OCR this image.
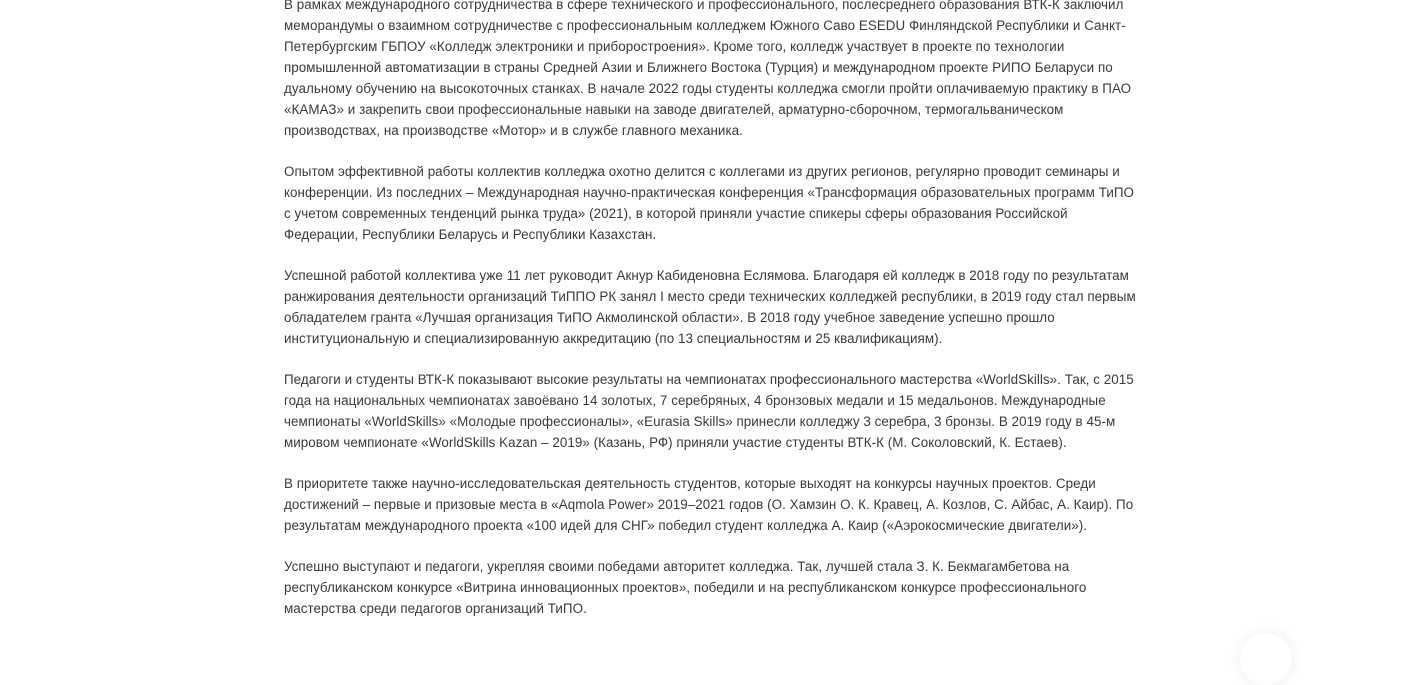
В рамках международного сотрудничества в сфере технического и профессионального, послесреднего образования ВТК-К заключил меморандумы о взаимном сотрудничестве с профессиональным колледжем Южного Саво ESEDU Финляндской Республики и Санкт-Петербургским ГБПОУ «Колледж электроники и приборостроения». Кроме того, колледж участвует в проекте по технологии промышленной автоматизации в страны Средней Азии и Ближнего Востока (Турция) и международном проекте РИПО Беларуси по дуальному обучению на высокоточных станках. В начале 2022 годы студенты колледжа смогли пройти оплачиваемую практику в ПАО «КАМАЗ» и закрепить свои профессиональные навыки на заводе двигателей, арматурно-сборочном, термогальваническом производствах, на производстве «Мотор» и в службе главного механика.

Опытом эффективной работы коллектив колледжа охотно делится с коллегами из других регионов, регулярно проводит семинары и конференции. Из последних – Международная научно-практическая конференция «Трансформация образовательных программ ТиПО с учетом современных тенденций рынка труда» (2021), в которой приняли участие спикеры сферы образования Российской Федерации, Республики Беларусь и Республики Казахстан.

Успешной работой коллектива уже 11 лет руководит Акнур Кабиденовна Еслямова. Благодаря ей колледж в 2018 году по результатам ранжирования деятельности организаций ТиППО РК занял I место среди технических колледжей республики, в 2019 году стал первым обладателем гранта «Лучшая организация ТиПО Акмолинской области». В 2018 году учебное заведение успешно прошло институциональную и специализированную аккредитацию (по 13 специальностям и 25 квалификациям).

Педагоги и студенты ВТК-К показывают высокие результаты на чемпионатах профессионального мастерства «WorldSkills». Так, с 2015 года на национальных чемпионатах завоёвано 14 золотых, 7 серебряных, 4 бронзовых медали и 15 медальонов. Международные чемпионаты «WorldSkills» «Молодые профессионалы», «Eurasia Skills» принесли колледжу 3 серебра, 3 бронзы. В 2019 году в 45-м мировом чемпионате «WorldSkills Kazan – 2019» (Казань, РФ) приняли участие студенты ВТК-К (М. Соколовский, К. Естаев).

В приоритете также научно-исследовательская деятельность студентов, которые выходят на конкурсы научных проектов. Среди достижений – первые и призовые места в «Aqmola Power» 2019–2021 годов (О. Хамзин О. К. Кравец, А. Козлов, С. Айбас, А. Каир). По результатам международного проекта «100 идей для СНГ» победил студент колледжа А. Каир («Аэрокосмические двигатели»).

Успешно выступают и педагоги, укрепляя своими победами авторитет колледжа. Так, лучшей стала З. К. Бекмагамбетова на республиканском конкурсе «Витрина инновационных проектов», победили и на республиканском конкурсе профессионального мастерства среди педагогов организаций ТиПО.
